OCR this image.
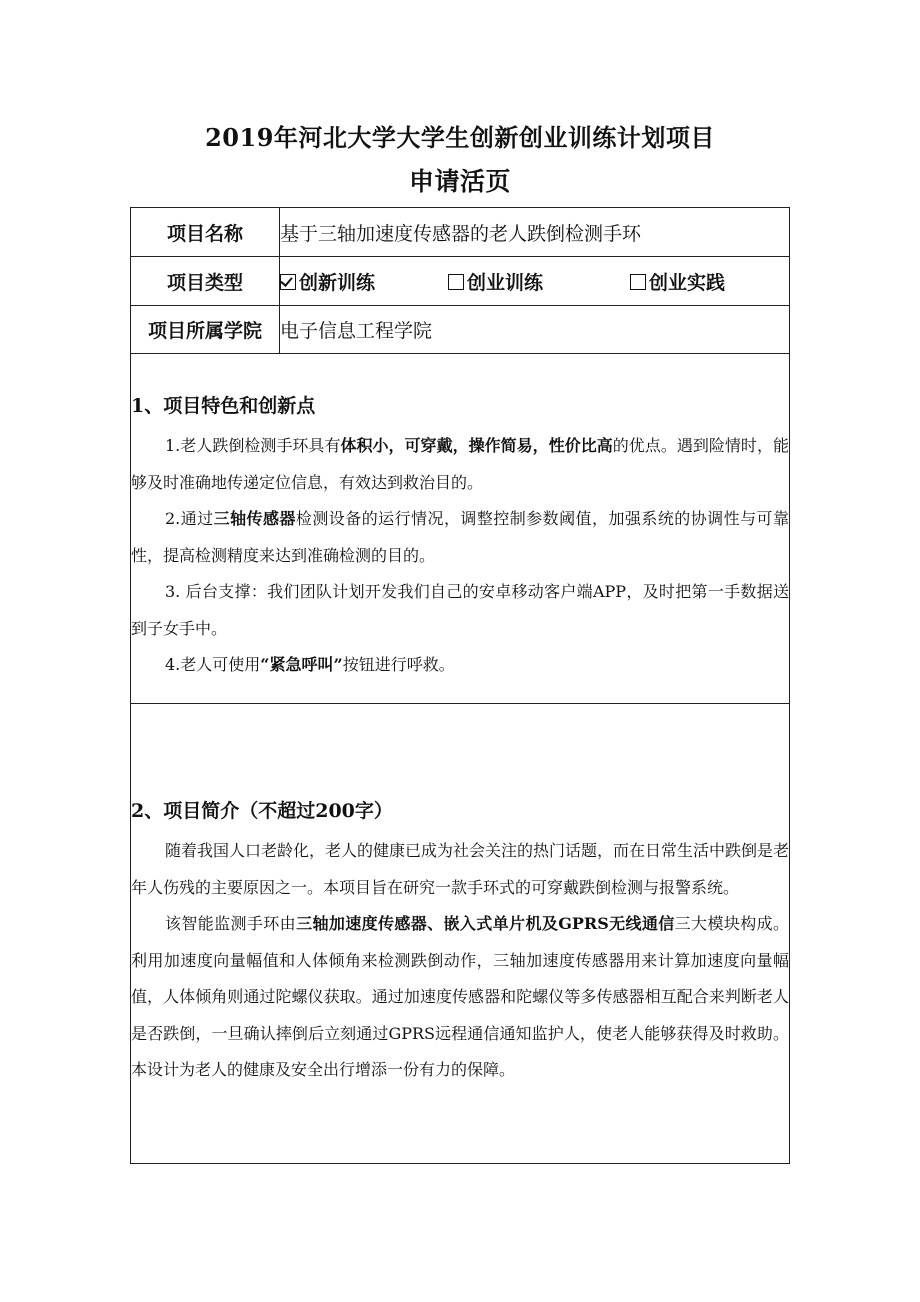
2019年河北大学大学生创新创业训练计划项目
申请活页
项目名称	基于三轴加速度传感器的老人跌倒检测手环
项目类型	创新训练 创业训练 创业实践

项目所属学院	电子信息工程学院

1、项目特色和创新点

1.老人跌倒检测手环具有体积小，可穿戴，操作简易，性价比高的优点。遇到险情时，能够及时准确地传递定位信息，有效达到救治目的。

2.通过三轴传感器检测设备的运行情况，调整控制参数阈值，加强系统的协调性与可靠性，提高检测精度来达到准确检测的目的。

3. 后台支撑：我们团队计划开发我们自己的安卓移动客户端APP，及时把第一手数据送到子女手中。

4.老人可使用“紧急呼叫”按钮进行呼救。	

2、项目简介（不超过200字）

随着我国人口老龄化，老人的健康已成为社会关注的热门话题，而在日常生活中跌倒是老年人伤残的主要原因之一。本项目旨在研究一款手环式的可穿戴跌倒检测与报警系统。

该智能监测手环由三轴加速度传感器、嵌入式单片机及GPRS无线通信三大模块构成。利用加速度向量幅值和人体倾角来检测跌倒动作，三轴加速度传感器用来计算加速度向量幅值，人体倾角则通过陀螺仪获取。通过加速度传感器和陀螺仪等多传感器相互配合来判断老人是否跌倒，一旦确认摔倒后立刻通过GPRS远程通信通知监护人，使老人能够获得及时救助。本设计为老人的健康及安全出行增添一份有力的保障。	
